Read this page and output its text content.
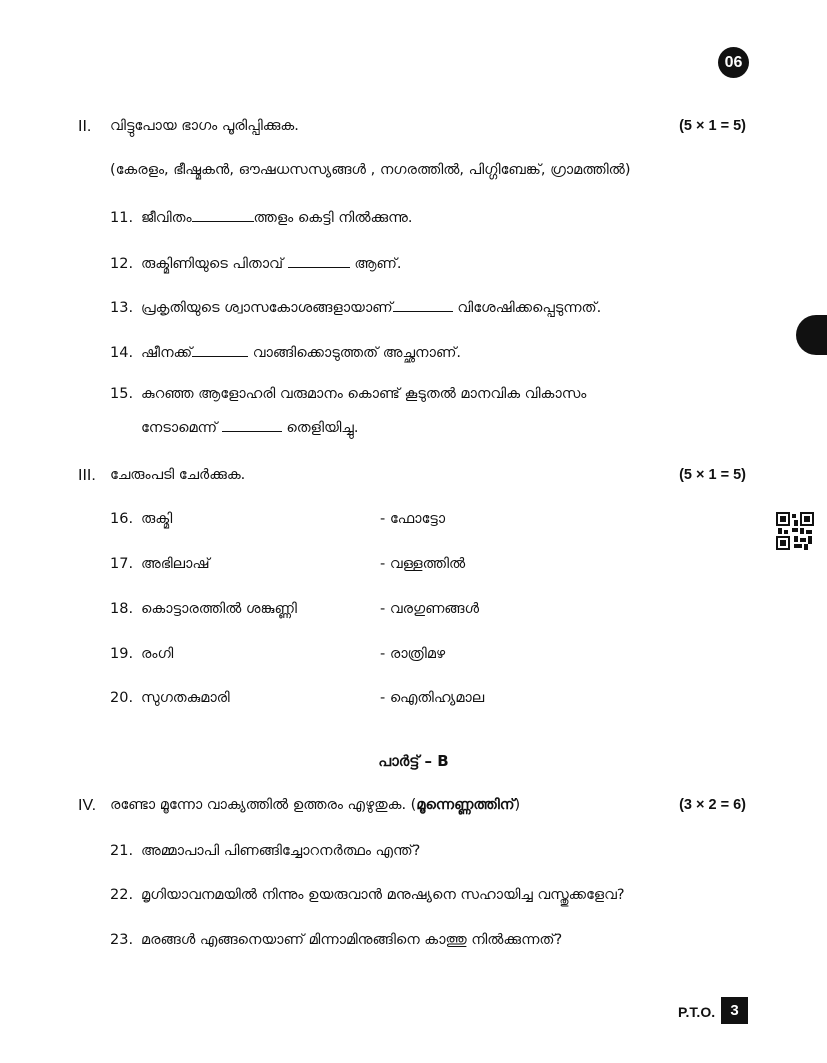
06
II. വിട്ടുപോയ ഭാഗം പൂരിപ്പിക്കുക.	(5 × 1 = 5)
(കേരളം, ഭീഷ്മകൻ, ഔഷധസസ്യങ്ങൾ , നഗരത്തിൽ, പിഗ്ഗിബേങ്ക്, ഗ്രാമത്തിൽ)
11. ജീവിതം	ത്തളം കെട്ടി നിൽക്കുന്നു.
12. രുക്മിണിയുടെ പിതാവ്	ആണ്.
13. പ്രകൃതിയുടെ ശ്വാസകോശങ്ങളായാണ്	വിശേഷിക്കപ്പെടുന്നത്.
14. ഷീനക്ക്	വാങ്ങിക്കൊടുത്തത് അച്ഛനാണ്.
15. കുറഞ്ഞ ആളോഹരി വരുമാനം കൊണ്ട് കൂടുതൽ മാനവിക വികാസം
നേടാമെന്ന്	തെളിയിച്ചു.
III. ചേരുംപടി ചേർക്കുക.	(5 × 1 = 5)
16. രുക്മി	- ഫോട്ടോ
17. അഭിലാഷ്	- വള്ളത്തിൽ
18. കൊട്ടാരത്തിൽ ശങ്കുണ്ണി	- വരഗുണങ്ങൾ
19. രംഗി	- രാത്രിമഴ
20. സുഗതകുമാരി	- ഐതിഹ്യമാല
പാർട്ട് – B
IV. രണ്ടോ മൂന്നോ വാക്യത്തിൽ ഉത്തരം എഴുതുക. (മൂന്നെണ്ണത്തിന്)	(3 × 2 = 6)
21. അമ്മാപാപി പിണങ്ങിച്ചോറനർത്ഥം എന്ത്?
22. മൃഗിയാവനമയിൽ നിന്നും ഉയരുവാൻ മനുഷ്യനെ സഹായിച്ച വസ്തുക്കളേവ?
23. മരങ്ങൾ എങ്ങനെയാണ് മിന്നാമിനുങ്ങിനെ കാത്തു നിൽക്കുന്നത്?
P.T.O.	3
